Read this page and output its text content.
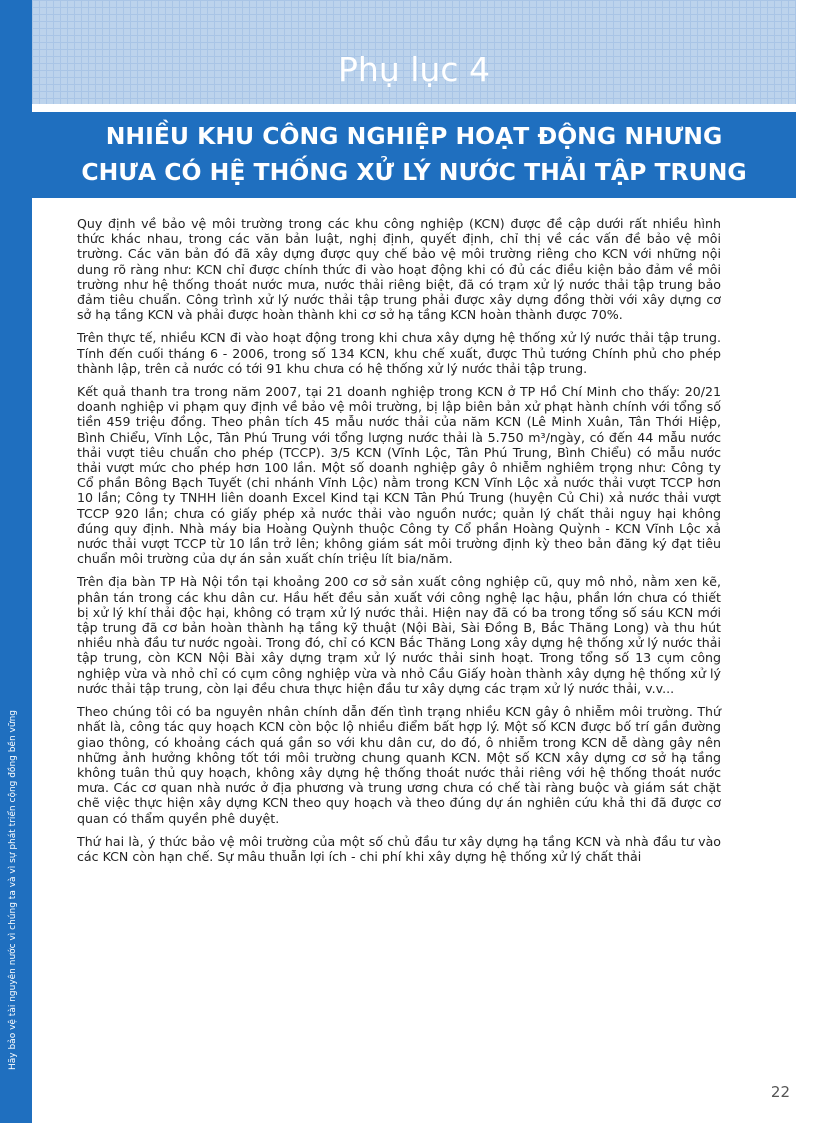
Hãy bảo vệ tài nguyên nước vì chúng ta và vì sự phát triển cộng đồng bền vững
Phụ lục 4
NHIỀU KHU CÔNG NGHIỆP HOẠT ĐỘNG NHƯNG
CHƯA CÓ HỆ THỐNG XỬ LÝ NƯỚC THẢI TẬP TRUNG

Quy định về bảo vệ môi trường trong các khu công nghiệp (KCN) được đề cập dưới rất nhiều hình thức khác nhau, trong các văn bản luật, nghị định, quyết định, chỉ thị về các vấn đề bảo vệ môi trường. Các văn bản đó đã xây dựng được quy chế bảo vệ môi trường riêng cho KCN với những nội dung rõ ràng như: KCN chỉ được chính thức đi vào hoạt động khi có đủ các điều kiện bảo đảm về môi trường như hệ thống thoát nước mưa, nước thải riêng biệt, đã có trạm xử lý nước thải tập trung bảo đảm tiêu chuẩn. Công trình xử lý nước thải tập trung phải được xây dựng đồng thời với xây dựng cơ sở hạ tầng KCN và phải được hoàn thành khi cơ sở hạ tầng KCN hoàn thành được 70%.

Trên thực tế, nhiều KCN đi vào hoạt động trong khi chưa xây dựng hệ thống xử lý nước thải tập trung. Tính đến cuối tháng 6 - 2006, trong số 134 KCN, khu chế xuất, được Thủ tướng Chính phủ cho phép thành lập, trên cả nước có tới 91 khu chưa có hệ thống xử lý nước thải tập trung.

Kết quả thanh tra trong năm 2007, tại 21 doanh nghiệp trong KCN ở TP Hồ Chí Minh cho thấy: 20/21 doanh nghiệp vi phạm quy định về bảo vệ môi trường, bị lập biên bản xử phạt hành chính với tổng số tiền 459 triệu đồng. Theo phân tích 45 mẫu nước thải của năm KCN (Lê Minh Xuân, Tân Thới Hiệp, Bình Chiểu, Vĩnh Lộc, Tân Phú Trung với tổng lượng nước thải là 5.750 m³/ngày, có đến 44 mẫu nước thải vượt tiêu chuẩn cho phép (TCCP). 3/5 KCN (Vĩnh Lộc, Tân Phú Trung, Bình Chiểu) có mẫu nước thải vượt mức cho phép hơn 100 lần. Một số doanh nghiệp gây ô nhiễm nghiêm trọng như: Công ty Cổ phần Bông Bạch Tuyết (chi nhánh Vĩnh Lộc) nằm trong KCN Vĩnh Lộc xả nước thải vượt TCCP hơn 10 lần; Công ty TNHH liên doanh Excel Kind tại KCN Tân Phú Trung (huyện Củ Chi) xả nước thải vượt TCCP 920 lần; chưa có giấy phép xả nước thải vào nguồn nước; quản lý chất thải nguy hại không đúng quy định. Nhà máy bia Hoàng Quỳnh thuộc Công ty Cổ phần Hoàng Quỳnh - KCN Vĩnh Lộc xả nước thải vượt TCCP từ 10 lần trở lên; không giám sát môi trường định kỳ theo bản đăng ký đạt tiêu chuẩn môi trường của dự án sản xuất chín triệu lít bia/năm.

Trên địa bàn TP Hà Nội tồn tại khoảng 200 cơ sở sản xuất công nghiệp cũ, quy mô nhỏ, nằm xen kẽ, phân tán trong các khu dân cư. Hầu hết đều sản xuất với công nghệ lạc hậu, phần lớn chưa có thiết bị xử lý khí thải độc hại, không có trạm xử lý nước thải. Hiện nay đã có ba trong tổng số sáu KCN mới tập trung đã cơ bản hoàn thành hạ tầng kỹ thuật (Nội Bài, Sài Đồng B, Bắc Thăng Long) và thu hút nhiều nhà đầu tư nước ngoài. Trong đó, chỉ có KCN Bắc Thăng Long xây dựng hệ thống xử lý nước thải tập trung, còn KCN Nội Bài xây dựng trạm xử lý nước thải sinh hoạt. Trong tổng số 13 cụm công nghiệp vừa và nhỏ chỉ có cụm công nghiệp vừa và nhỏ Cầu Giấy hoàn thành xây dựng hệ thống xử lý nước thải tập trung, còn lại đều chưa thực hiện đầu tư xây dựng các trạm xử lý nước thải, v.v...

Theo chúng tôi có ba nguyên nhân chính dẫn đến tình trạng nhiều KCN gây ô nhiễm môi trường. Thứ nhất là, công tác quy hoạch KCN còn bộc lộ nhiều điểm bất hợp lý. Một số KCN được bố trí gần đường giao thông, có khoảng cách quá gần so với khu dân cư, do đó, ô nhiễm trong KCN dễ dàng gây nên những ảnh hưởng không tốt tới môi trường chung quanh KCN. Một số KCN xây dựng cơ sở hạ tầng không tuân thủ quy hoạch, không xây dựng hệ thống thoát nước thải riêng với hệ thống thoát nước mưa. Các cơ quan nhà nước ở địa phương và trung ương chưa có chế tài ràng buộc và giám sát chặt chẽ việc thực hiện xây dựng KCN theo quy hoạch và theo đúng dự án nghiên cứu khả thi đã được cơ quan có thẩm quyền phê duyệt.

Thứ hai là, ý thức bảo vệ môi trường của một số chủ đầu tư xây dựng hạ tầng KCN và nhà đầu tư vào các KCN còn hạn chế. Sự mâu thuẫn lợi ích - chi phí khi xây dựng hệ thống xử lý chất thải

22
